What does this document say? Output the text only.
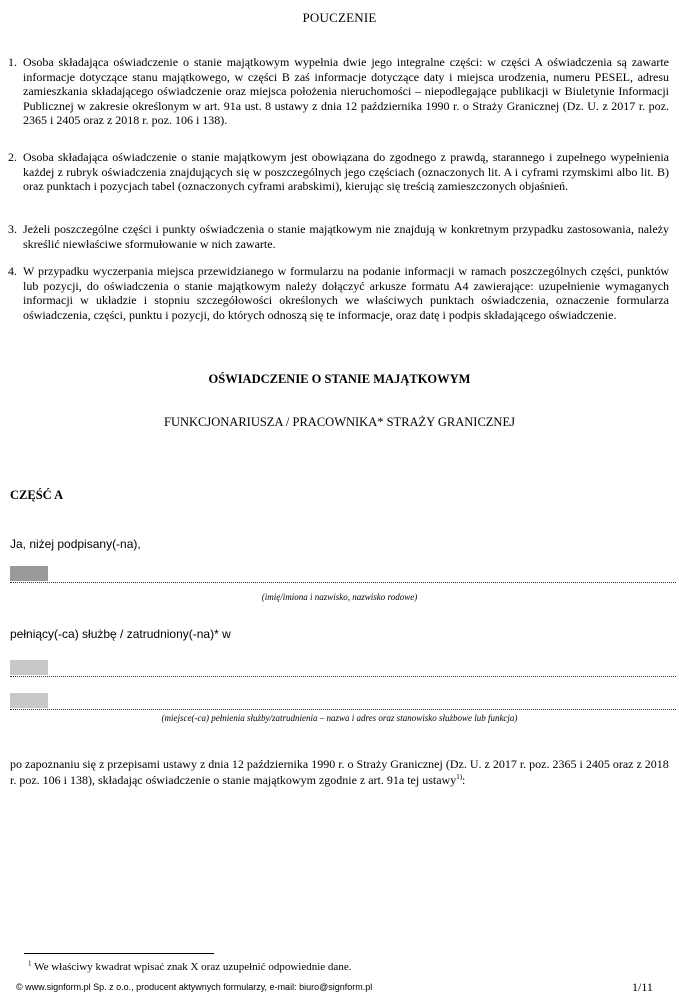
POUCZENIE
1. Osoba składająca oświadczenie o stanie majątkowym wypełnia dwie jego integralne części: w części A oświadczenia są zawarte informacje dotyczące stanu majątkowego, w części B zaś informacje dotyczące daty i miejsca urodzenia, numeru PESEL, adresu zamieszkania składającego oświadczenie oraz miejsca położenia nieruchomości – niepodlegające publikacji w Biuletynie Informacji Publicznej w zakresie określonym w art. 91a ust. 8 ustawy z dnia 12 października 1990 r. o Straży Granicznej (Dz. U. z 2017 r. poz. 2365 i 2405 oraz z 2018 r. poz. 106 i 138).
2. Osoba składająca oświadczenie o stanie majątkowym jest obowiązana do zgodnego z prawdą, starannego i zupełnego wypełnienia każdej z rubryk oświadczenia znajdujących się w poszczególnych jego częściach (oznaczonych lit. A i cyframi rzymskimi albo lit. B) oraz punktach i pozycjach tabel (oznaczonych cyframi arabskimi), kierując się treścią zamieszczonych objaśnień.
3. Jeżeli poszczególne części i punkty oświadczenia o stanie majątkowym nie znajdują w konkretnym przypadku zastosowania, należy skreślić niewłaściwe sformułowanie w nich zawarte.
4. W przypadku wyczerpania miejsca przewidzianego w formularzu na podanie informacji w ramach poszczególnych części, punktów lub pozycji, do oświadczenia o stanie majątkowym należy dołączyć arkusze formatu A4 zawierające: uzupełnienie wymaganych informacji w układzie i stopniu szczegółowości określonych we właściwych punktach oświadczenia, oznaczenie formularza oświadczenia, części, punktu i pozycji, do których odnoszą się te informacje, oraz datę i podpis składającego oświadczenie.
OŚWIADCZENIE O STANIE MAJĄTKOWYM
FUNKCJONARIUSZA / PRACOWNIKA* STRAŻY GRANICZNEJ
CZĘŚĆ A
Ja, niżej podpisany(-na),
(imię/imiona i nazwisko, nazwisko rodowe)
pełniący(-ca) służbę / zatrudniony(-na)* w
(miejsce(-ca) pełnienia służby/zatrudnienia – nazwa i adres oraz stanowisko służbowe lub funkcja)
po zapoznaniu się z przepisami ustawy z dnia 12 października 1990 r. o Straży Granicznej (Dz. U. z 2017 r. poz. 2365 i 2405 oraz z 2018 r. poz. 106 i 138), składając oświadczenie o stanie majątkowym zgodnie z art. 91a tej ustawy$^{1)}$:
$^1$ We właściwy kwadrat wpisać znak X oraz uzupełnić odpowiednie dane.
© www.signform.pl Sp. z o.o., producent aktywnych formularzy, e-mail: biuro@signform.pl	1/11
